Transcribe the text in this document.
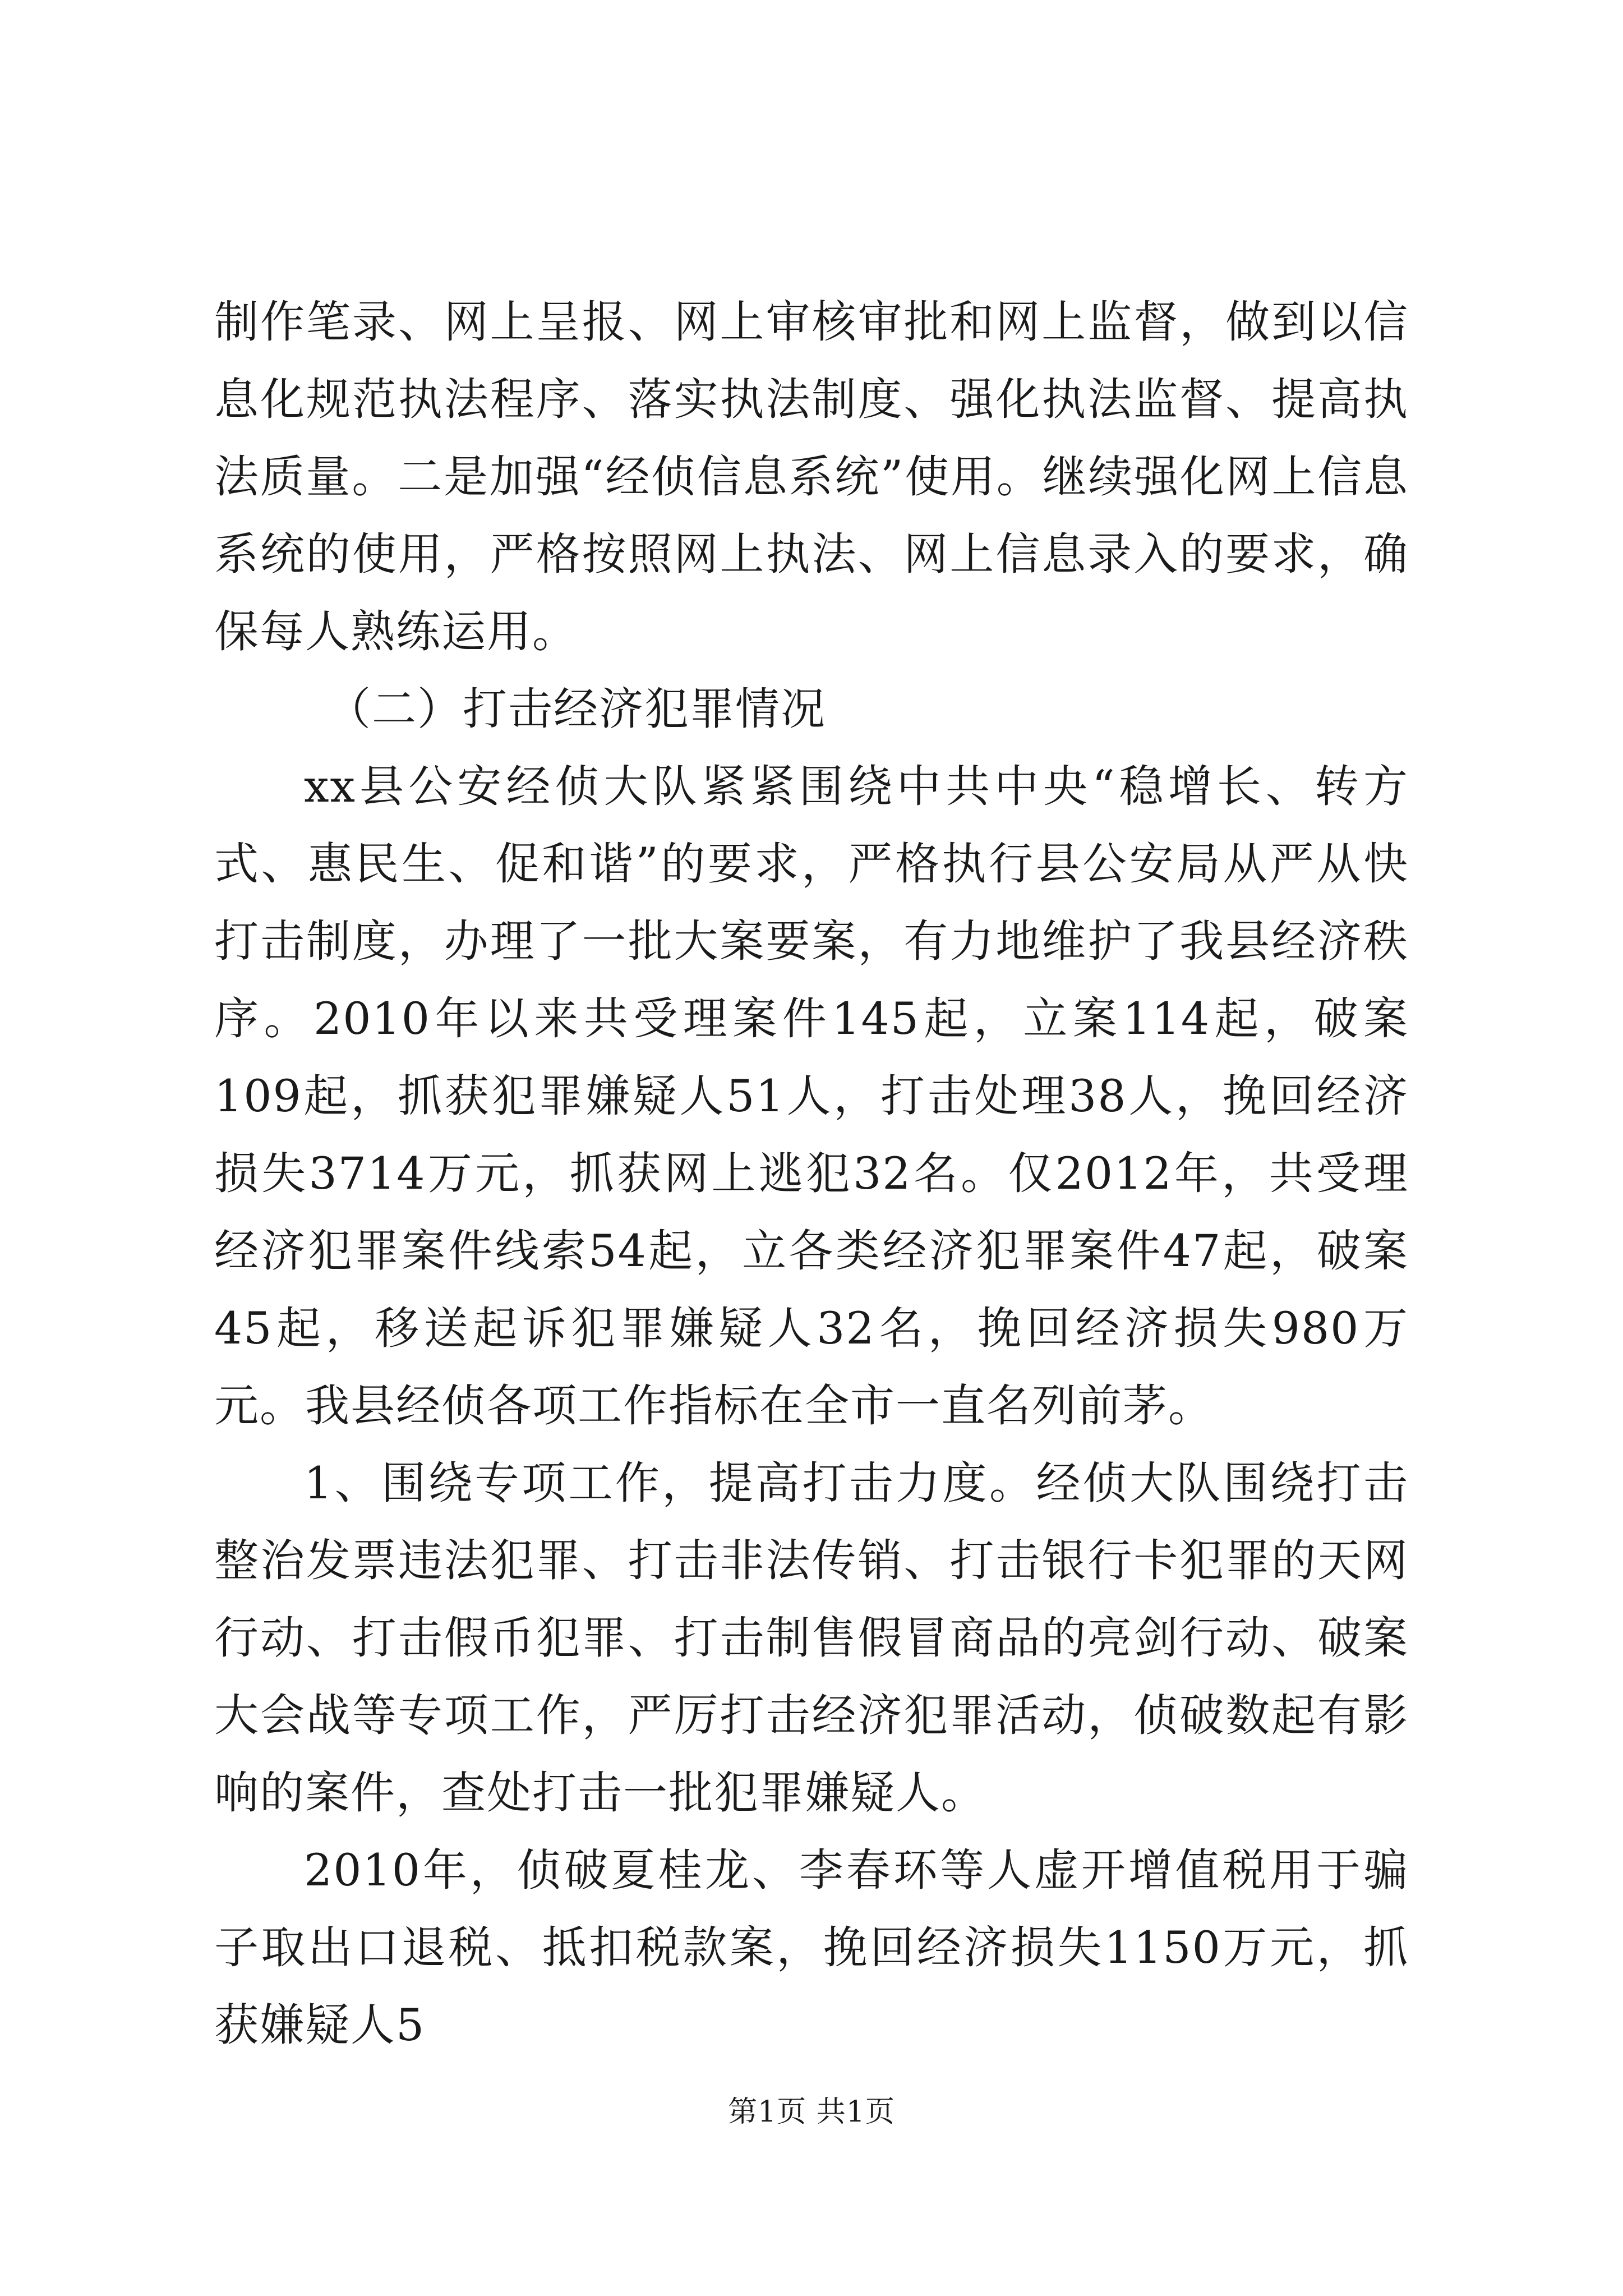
制作笔录、网上呈报、网上审核审批和网上监督，做到以信息化规范执法程序、落实执法制度、强化执法监督、提高执法质量。二是加强“经侦信息系统”使用。继续强化网上信息系统的使用，严格按照网上执法、网上信息录入的要求，确保每人熟练运用。

（二）打击经济犯罪情况

xx县公安经侦大队紧紧围绕中共中央“稳增长、转方式、惠民生、促和谐”的要求，严格执行县公安局从严从快打击制度，办理了一批大案要案，有力地维护了我县经济秩序。2010年以来共受理案件145起，立案114起，破案109起，抓获犯罪嫌疑人51人，打击处理38人，挽回经济损失3714万元，抓获网上逃犯32名。仅2012年，共受理经济犯罪案件线索54起，立各类经济犯罪案件47起，破案45起，移送起诉犯罪嫌疑人32名，挽回经济损失980万元。我县经侦各项工作指标在全市一直名列前茅。

1、围绕专项工作，提高打击力度。经侦大队围绕打击整治发票违法犯罪、打击非法传销、打击银行卡犯罪的天网行动、打击假币犯罪、打击制售假冒商品的亮剑行动、破案大会战等专项工作，严厉打击经济犯罪活动，侦破数起有影响的案件，查处打击一批犯罪嫌疑人。

2010年，侦破夏桂龙、李春环等人虚开增值税用于骗子取出口退税、抵扣税款案，挽回经济损失1150万元，抓获嫌疑人5

第1页 共1页
